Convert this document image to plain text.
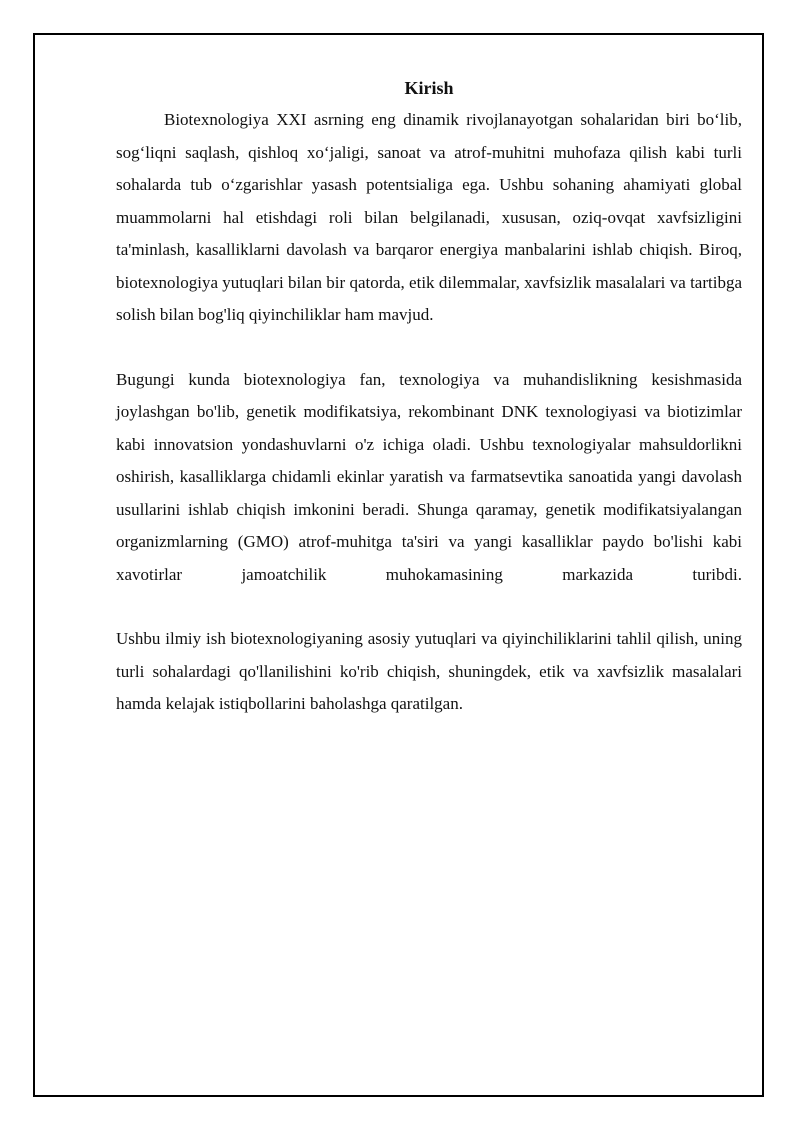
Kirish

Biotexnologiya XXI asrning eng dinamik rivojlanayotgan sohalaridan biri bo‘lib, sog‘liqni saqlash, qishloq xo‘jaligi, sanoat va atrof-muhitni muhofaza qilish kabi turli sohalarda tub o‘zgarishlar yasash potentsialiga ega. Ushbu sohaning ahamiyati global muammolarni hal etishdagi roli bilan belgilanadi, xususan, oziq-ovqat xavfsizligini ta'minlash, kasalliklarni davolash va barqaror energiya manbalarini ishlab chiqish. Biroq, biotexnologiya yutuqlari bilan bir qatorda, etik dilemmalar, xavfsizlik masalalari va tartibga solish bilan bog'liq qiyinchiliklar ham mavjud.

Bugungi kunda biotexnologiya fan, texnologiya va muhandislikning kesishmasida joylashgan bo'lib, genetik modifikatsiya, rekombinant DNK texnologiyasi va biotizimlar kabi innovatsion yondashuvlarni o'z ichiga oladi. Ushbu texnologiyalar mahsuldorlikni oshirish, kasalliklarga chidamli ekinlar yaratish va farmatsevtika sanoatida yangi davolash usullarini ishlab chiqish imkonini beradi. Shunga qaramay, genetik modifikatsiyalangan organizmlarning (GMO) atrof-muhitga ta'siri va yangi kasalliklar paydo bo'lishi kabi xavotirlar jamoatchilik muhokamasining markazida turibdi.

Ushbu ilmiy ish biotexnologiyaning asosiy yutuqlari va qiyinchiliklarini tahlil qilish, uning turli sohalardagi qo'llanilishini ko'rib chiqish, shuningdek, etik va xavfsizlik masalalari hamda kelajak istiqbollarini baholashga qaratilgan.
